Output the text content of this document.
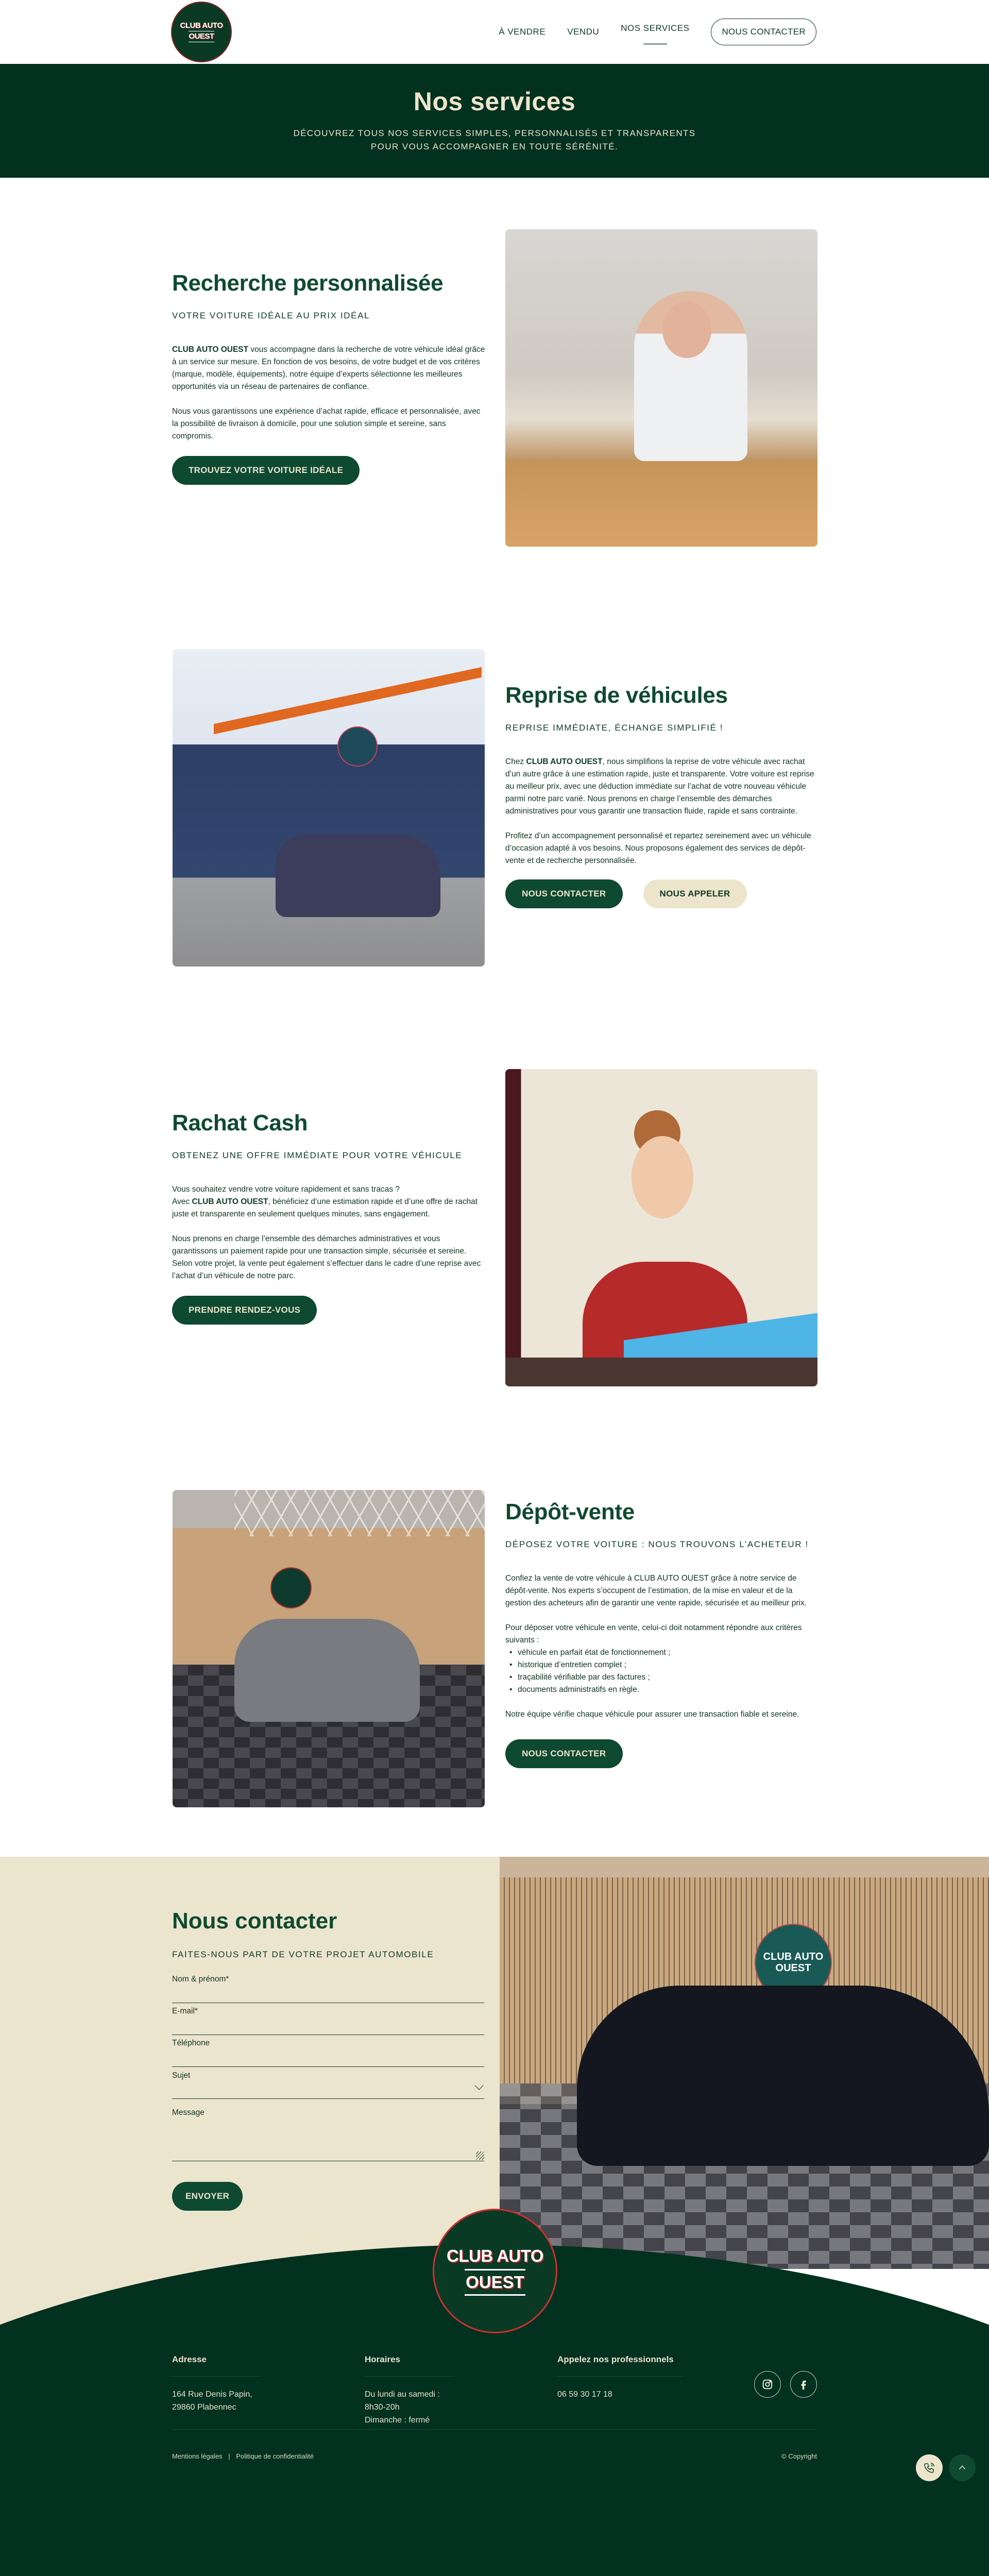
CLUB AUTO
OUEST	À VENDRE VENDU NOS SERVICES	NOUS CONTACTER
Nos services

DÉCOUVREZ TOUS NOS SERVICES SIMPLES, PERSONNALISÉS ET TRANSPARENTS
POUR VOUS ACCOMPAGNER EN TOUTE SÉRÉNITÉ.

Recherche personnalisée
VOTRE VOITURE IDÉALE AU PRIX IDÉAL

CLUB AUTO OUEST vous accompagne dans la recherche de votre véhicule idéal grâce à un service sur mesure. En fonction de vos besoins, de votre budget et de vos critères (marque, modèle, équipements), notre équipe d’experts sélectionne les meilleures opportunités via un réseau de partenaires de confiance.

Nous vous garantissons une expérience d’achat rapide, efficace et personnalisée, avec la possibilité de livraison à domicile, pour une solution simple et sereine, sans compromis.

TROUVEZ VOTRE VOITURE IDÉALE
Reprise de véhicules
REPRISE IMMÉDIATE, ÉCHANGE SIMPLIFIÉ !

Chez CLUB AUTO OUEST, nous simplifions la reprise de votre véhicule avec rachat d’un autre grâce à une estimation rapide, juste et transparente. Votre voiture est reprise au meilleur prix, avec une déduction immédiate sur l’achat de votre nouveau véhicule parmi notre parc varié. Nous prenons en charge l’ensemble des démarches administratives pour vous garantir une transaction fluide, rapide et sans contrainte.

Profitez d’un accompagnement personnalisé et repartez sereinement avec un véhicule d’occasion adapté à vos besoins. Nous proposons également des services de dépôt-vente et de recherche personnalisée.

NOUS CONTACTER	NOUS APPELER
Rachat Cash
OBTENEZ UNE OFFRE IMMÉDIATE POUR VOTRE VÉHICULE

Vous souhaitez vendre votre voiture rapidement et sans tracas ?
Avec CLUB AUTO OUEST, bénéficiez d’une estimation rapide et d’une offre de rachat juste et transparente en seulement quelques minutes, sans engagement.

Nous prenons en charge l’ensemble des démarches administratives et vous garantissons un paiement rapide pour une transaction simple, sécurisée et sereine. Selon votre projet, la vente peut également s’effectuer dans le cadre d’une reprise avec l’achat d’un véhicule de notre parc.

PRENDRE RENDEZ-VOUS
Dépôt-vente
DÉPOSEZ VOTRE VOITURE : NOUS TROUVONS L’ACHETEUR !

Confiez la vente de votre véhicule à CLUB AUTO OUEST grâce à notre service de dépôt-vente. Nos experts s’occupent de l’estimation, de la mise en valeur et de la gestion des acheteurs afin de garantir une vente rapide, sécurisée et au meilleur prix.

Pour déposer votre véhicule en vente, celui-ci doit notamment répondre aux critères suivants :

• véhicule en parfait état de fonctionnement ;
• historique d’entretien complet ;
• traçabilité vérifiable par des factures ;
• documents administratifs en règle.

Notre équipe vérifie chaque véhicule pour assurer une transaction fiable et sereine.

NOUS CONTACTER
CLUB AUTO OUEST
Nous contacter
FAITES-NOUS PART DE VOTRE PROJET AUTOMOBILE
Nom & prénom*
E-mail*
Téléphone
Sujet
Message
ENVOYER
CLUB AUTO
OUEST
Adresse
164 Rue Denis Papin,
29860 Plabennec
Horaires
Du lundi au samedi : 8h30-20h
Dimanche : fermé
Appelez nos professionnels
06 59 30 17 18
Mentions légales | Politique de confidentialité	© Copyright
